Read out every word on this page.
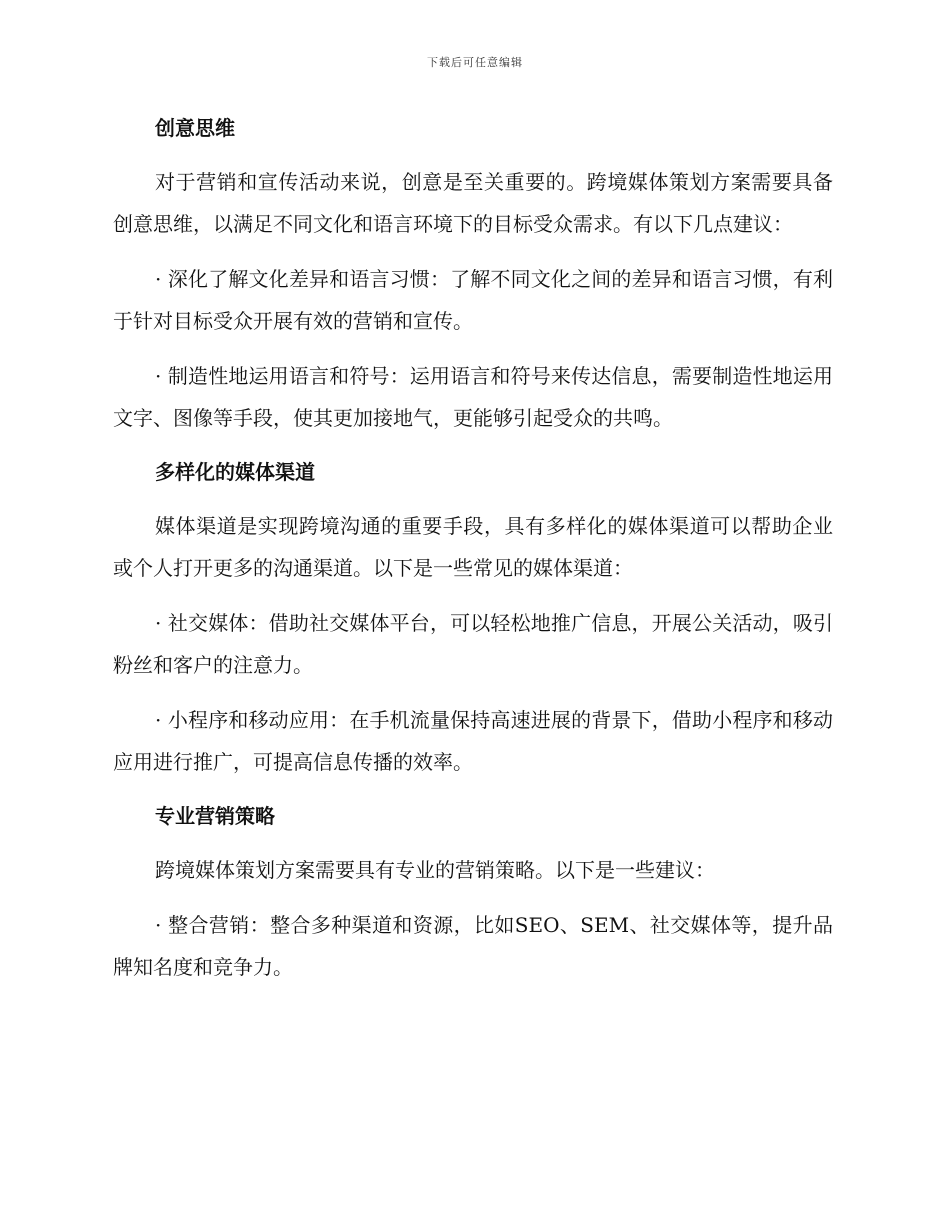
下载后可任意编辑
创意思维

对于营销和宣传活动来说，创意是至关重要的。跨境媒体策划方案需要具备创意思维，以满足不同文化和语言环境下的目标受众需求。有以下几点建议：

· 深化了解文化差异和语言习惯：了解不同文化之间的差异和语言习惯，有利于针对目标受众开展有效的营销和宣传。

· 制造性地运用语言和符号：运用语言和符号来传达信息，需要制造性地运用文字、图像等手段，使其更加接地气，更能够引起受众的共鸣。

多样化的媒体渠道

媒体渠道是实现跨境沟通的重要手段，具有多样化的媒体渠道可以帮助企业或个人打开更多的沟通渠道。以下是一些常见的媒体渠道：

· 社交媒体：借助社交媒体平台，可以轻松地推广信息，开展公关活动，吸引粉丝和客户的注意力。

· 小程序和移动应用：在手机流量保持高速进展的背景下，借助小程序和移动应用进行推广，可提高信息传播的效率。

专业营销策略

跨境媒体策划方案需要具有专业的营销策略。以下是一些建议：

· 整合营销：整合多种渠道和资源，比如SEO、SEM、社交媒体等，提升品牌知名度和竞争力。
